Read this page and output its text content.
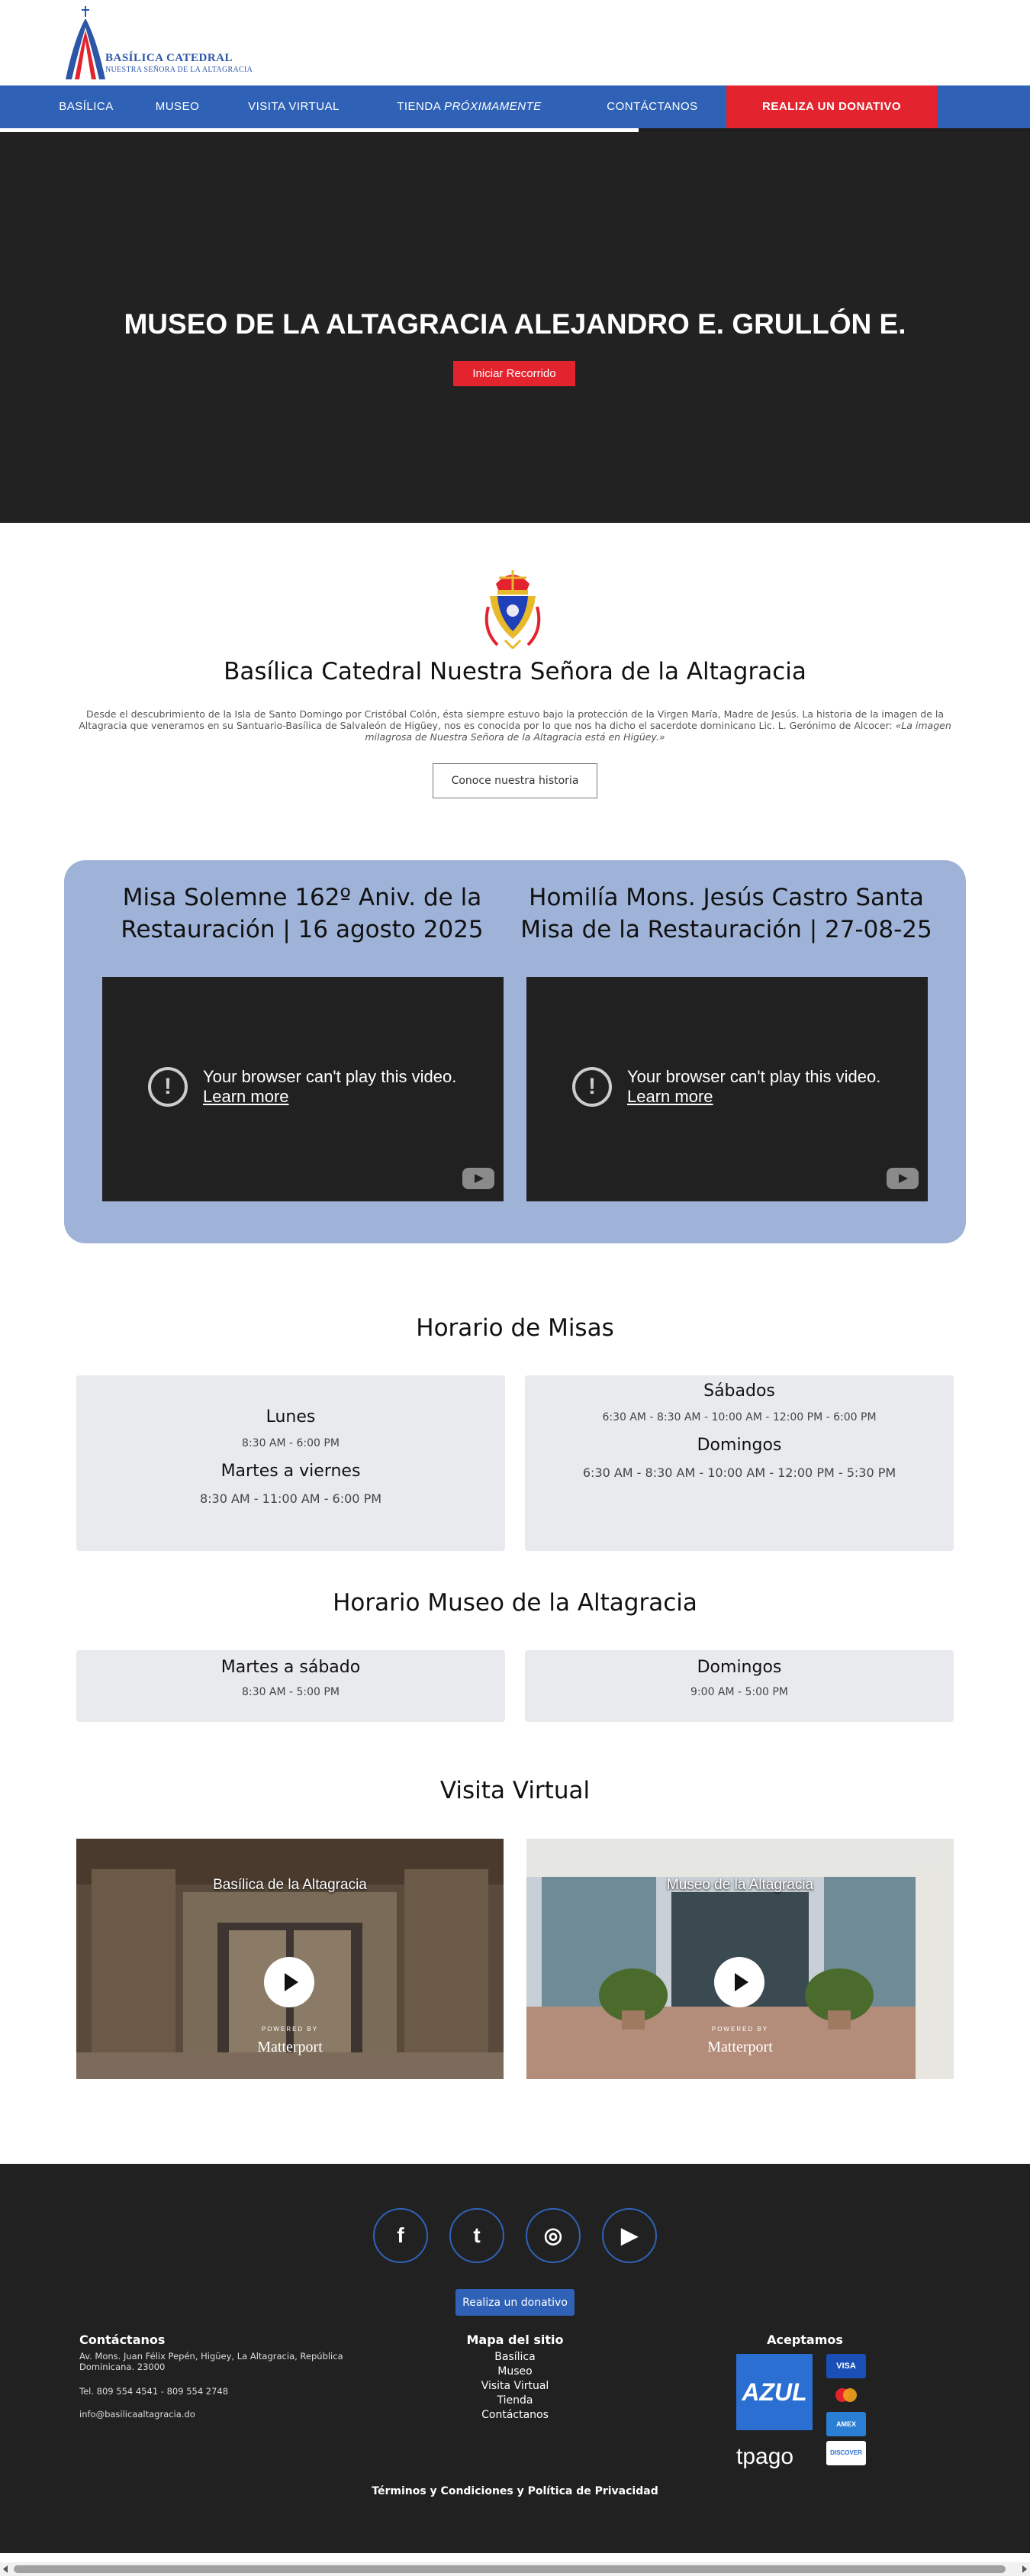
BASÍLICA CATEDRAL
NUESTRA SEÑORA DE LA ALTAGRACIA
BASÍLICA	MUSEO	VISITA VIRTUAL	TIENDA PRÓXIMAMENTE	CONTÁCTANOS	REALIZA UN DONATIVO
MUSEO DE LA ALTAGRACIA ALEJANDRO E. GRULLÓN E.
Iniciar Recorrido
Basílica Catedral Nuestra Señora de la Altagracia
Desde el descubrimiento de la Isla de Santo Domingo por Cristóbal Colón, ésta siempre estuvo bajo la protección de la Virgen María, Madre de Jesús. La historia de la imagen de la Altagracia que veneramos en su Santuario-Basílica de Salvaleón de Higüey, nos es conocida por lo que nos ha dicho el sacerdote dominicano Lic. L. Gerónimo de Alcocer: «La imagen milagrosa de Nuestra Señora de la Altagracia está en Higüey.»
Conoce nuestra historia
Misa Solemne 162º Aniv. de la
Restauración | 16 agosto 2025
Homilía Mons. Jesús Castro Santa
Misa de la Restauración | 27-08-25
!	Your browser can't play this video.
Learn more	!	Your browser can't play this video.
Learn more
Horario de Misas
Lunes
8:30 AM - 6:00 PM
Martes a viernes
8:30 AM - 11:00 AM - 6:00 PM
Sábados
6:30 AM - 8:30 AM - 10:00 AM - 12:00 PM - 6:00 PM
Domingos
6:30 AM - 8:30 AM - 10:00 AM - 12:00 PM - 5:30 PM
Horario Museo de la Altagracia
Martes a sábado
8:30 AM - 5:00 PM
Domingos
9:00 AM - 5:00 PM
Visita Virtual
Basílica de la Altagracia
POWERED BY
Matterport
Museo de la Altagracia
POWERED BY
Matterport
f	t	◎	▶
Realiza un donativo
Contáctanos
Av. Mons. Juan Félix Pepén, Higüey, La Altagracia, República Dominicana. 23000
Tel. 809 554 4541 - 809 554 2748
info@basilicaaltagracia.do
Mapa del sitio
Basílica
Museo
Visita Virtual
Tienda
Contáctanos
Aceptamos
AZUL
VISA
AMEX
DISCOVER
tpago
Términos y Condiciones y Política de Privacidad
